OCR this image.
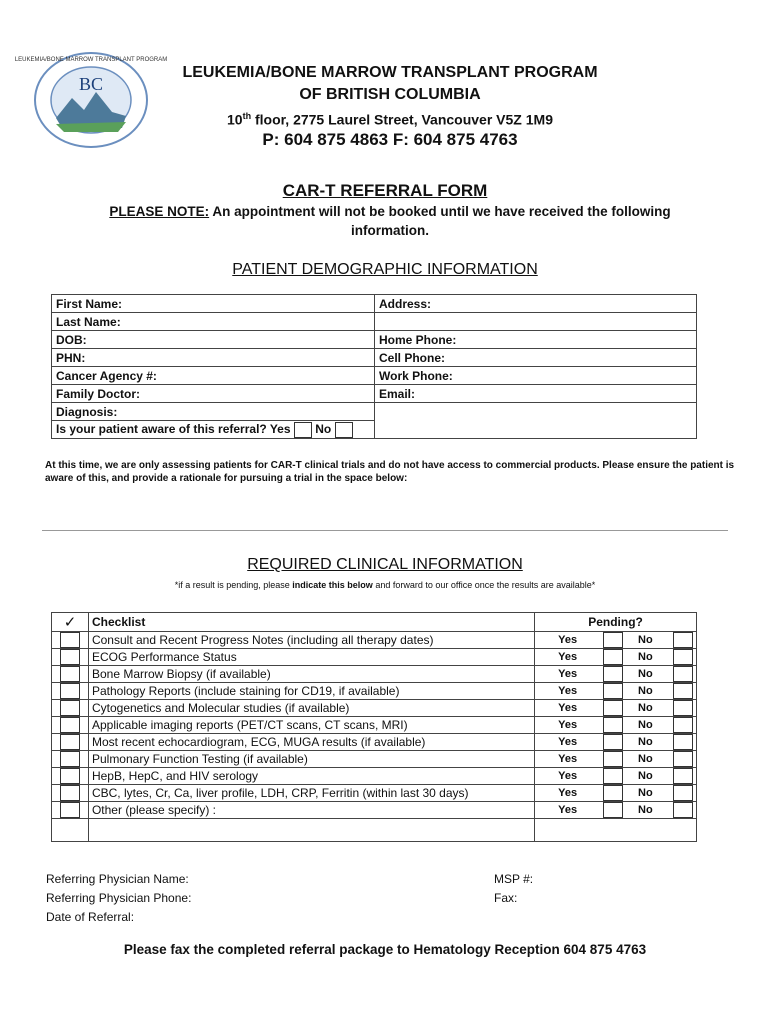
BC
LEUKEMIA/BONE MARROW TRANSPLANT PROGRAM
LEUKEMIA/BONE MARROW TRANSPLANT PROGRAM
OF BRITISH COLUMBIA
10th floor, 2775 Laurel Street, Vancouver V5Z 1M9
P: 604 875 4863 F: 604 875 4763
CAR-T REFERRAL FORM
PLEASE NOTE: An appointment will not be booked until we have received the following information.
PATIENT DEMOGRAPHIC INFORMATION
First Name:	Address:
Last Name:	
DOB:	Home Phone:
PHN:	Cell Phone:
Cancer Agency #:	Work Phone:
Family Doctor:	Email:
Diagnosis:	
Is your patient aware of this referral? Yes No	
At this time, we are only assessing patients for CAR-T clinical trials and do not have access to commercial products. Please ensure the patient is aware of this, and provide a rationale for pursuing a trial in the space below:
REQUIRED CLINICAL INFORMATION
*if a result is pending, please indicate this below and forward to our office once the results are available*
✓	Checklist	Pending?
	Consult and Recent Progress Notes (including all therapy dates)	Yes No

	ECOG Performance Status	Yes No

	Bone Marrow Biopsy (if available)	Yes No

	Pathology Reports (include staining for CD19, if available)	Yes No

	Cytogenetics and Molecular studies (if available)	Yes No

	Applicable imaging reports (PET/CT scans, CT scans, MRI)	Yes No

	Most recent echocardiogram, ECG, MUGA results (if available)	Yes No

	Pulmonary Function Testing (if available)	Yes No

	HepB, HepC, and HIV serology	Yes No

	CBC, lytes, Cr, Ca, liver profile, LDH, CRP, Ferritin (within last 30 days)	Yes No

	Other (please specify) :	Yes No

Referring Physician Name:
Referring Physician Phone:
Date of Referral:
MSP #:
Fax:
Please fax the completed referral package to Hematology Reception 604 875 4763
